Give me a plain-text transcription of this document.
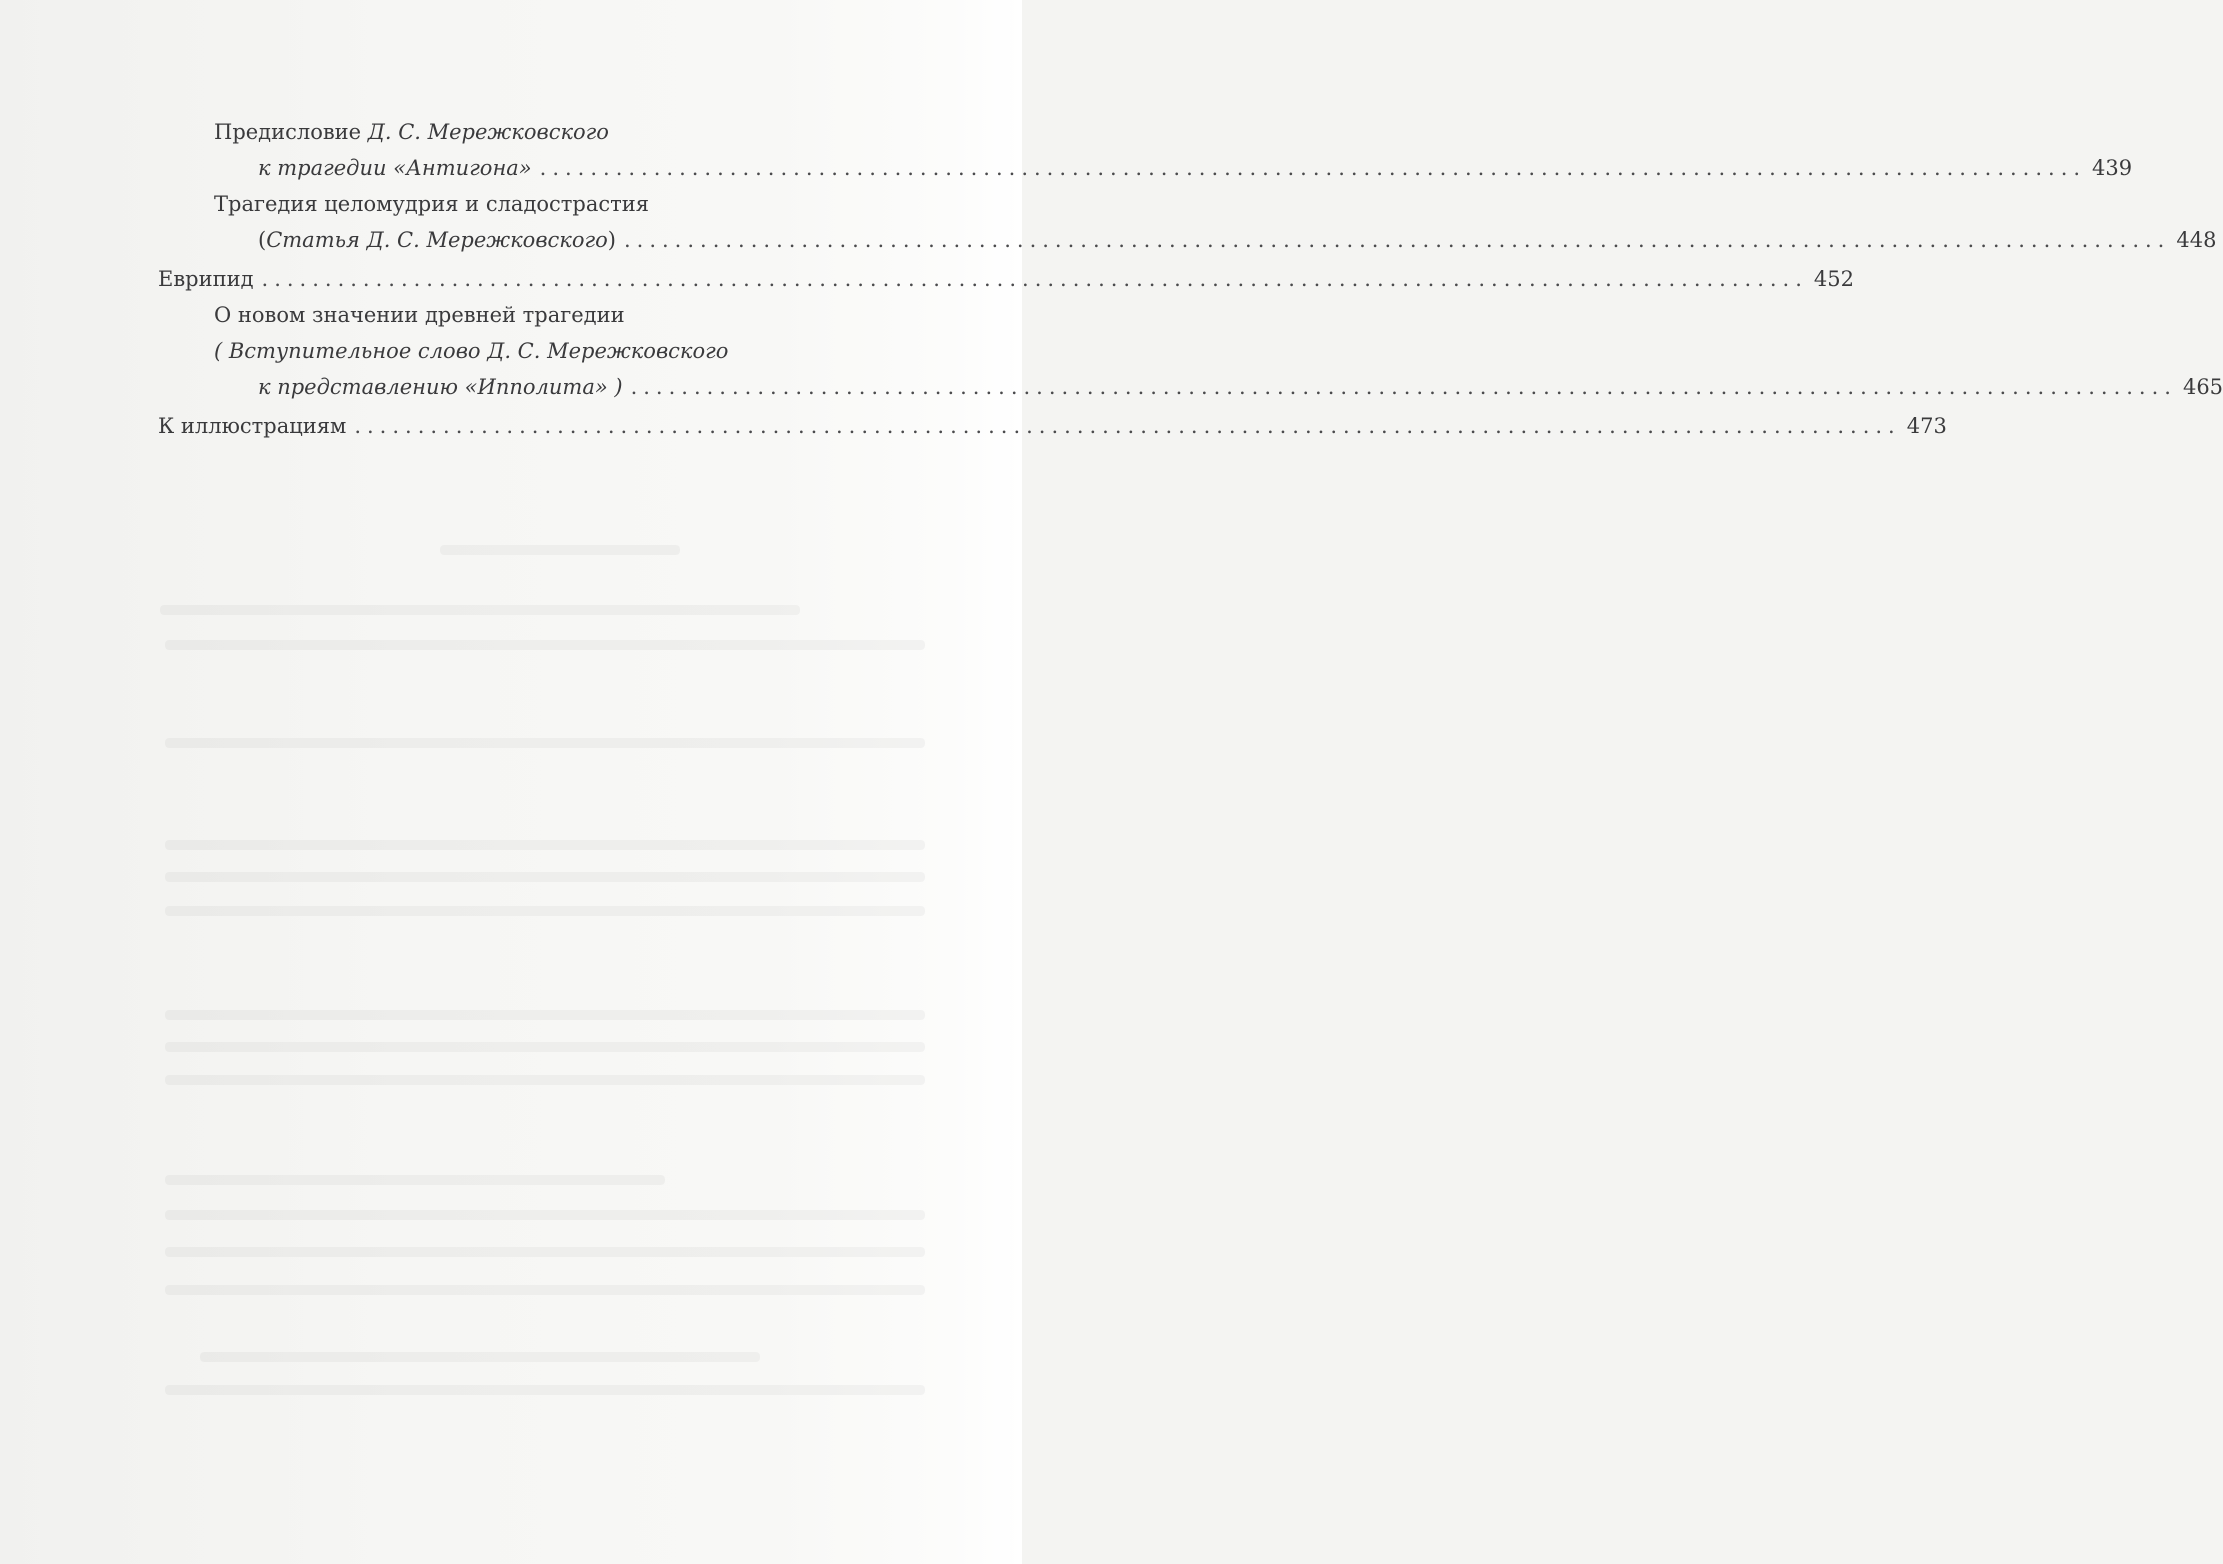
Предисловие Д. С. Мережковского
к трагедии «Антигона» .......................................................................................................................... 439
Трагедия целомудрия и сладострастия
(Статья Д. С. Мережковского) .......................................................................................................................... 448
Еврипид .......................................................................................................................... 452
О новом значении древней трагедии
( Вступительное слово Д. С. Мережковского
к представлению «Ипполита» ) .......................................................................................................................... 465
К иллюстрациям .......................................................................................................................... 473
